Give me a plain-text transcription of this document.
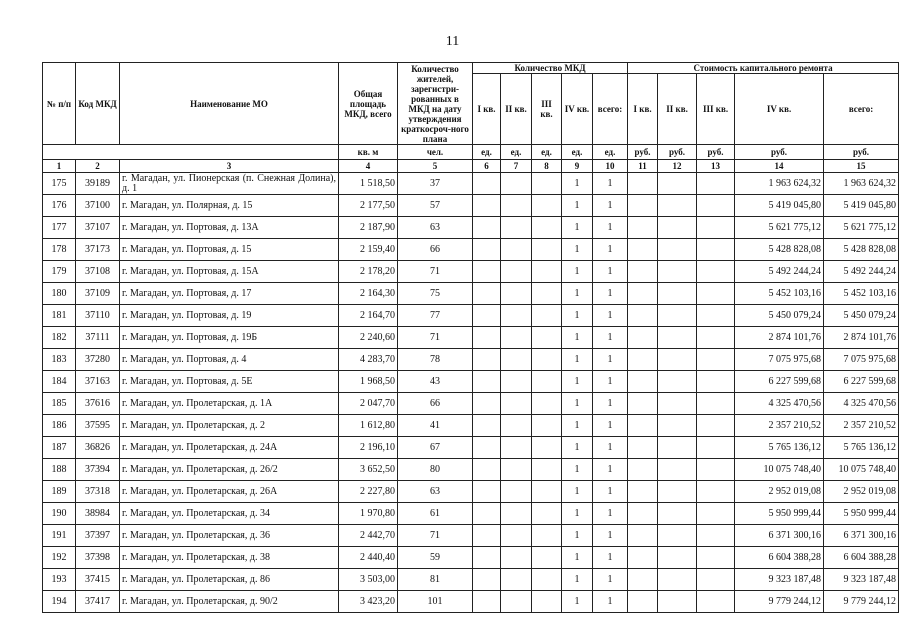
11
№ п/п	Код МКД	Наименование МО	Общая площадь МКД, всего	Количество жителей, зарегистри-рованных в МКД на дату утверждения краткосроч-ного плана	Количество МКД					Стоимость капитального ремонта				
					I кв.	II кв.	III кв.	IV кв.	всего:	I кв.	II кв.	III кв.	IV кв.	всего:
			кв. м	чел.	ед.	ед.	ед.	ед.	ед.	руб.	руб.	руб.	руб.	руб.
1	2	3	4	5	6	7	8	9	10	11	12	13	14	15
175	39189	г. Магадан, ул. Пионерская (п. Снежная Долина), д. 1	1 518,50	37				1	1				1 963 624,32	1 963 624,32
176	37100	г. Магадан, ул. Полярная, д. 15	2 177,50	57				1	1				5 419 045,80	5 419 045,80
177	37107	г. Магадан, ул. Портовая, д. 13А	2 187,90	63				1	1				5 621 775,12	5 621 775,12
178	37173	г. Магадан, ул. Портовая, д. 15	2 159,40	66				1	1				5 428 828,08	5 428 828,08
179	37108	г. Магадан, ул. Портовая, д. 15А	2 178,20	71				1	1				5 492 244,24	5 492 244,24
180	37109	г. Магадан, ул. Портовая, д. 17	2 164,30	75				1	1				5 452 103,16	5 452 103,16
181	37110	г. Магадан, ул. Портовая, д. 19	2 164,70	77				1	1				5 450 079,24	5 450 079,24
182	37111	г. Магадан, ул. Портовая, д. 19Б	2 240,60	71				1	1				2 874 101,76	2 874 101,76
183	37280	г. Магадан, ул. Портовая, д. 4	4 283,70	78				1	1				7 075 975,68	7 075 975,68
184	37163	г. Магадан, ул. Портовая, д. 5Е	1 968,50	43				1	1				6 227 599,68	6 227 599,68
185	37616	г. Магадан, ул. Пролетарская, д. 1А	2 047,70	66				1	1				4 325 470,56	4 325 470,56
186	37595	г. Магадан, ул. Пролетарская, д. 2	1 612,80	41				1	1				2 357 210,52	2 357 210,52
187	36826	г. Магадан, ул. Пролетарская, д. 24А	2 196,10	67				1	1				5 765 136,12	5 765 136,12
188	37394	г. Магадан, ул. Пролетарская, д. 26/2	3 652,50	80				1	1				10 075 748,40	10 075 748,40
189	37318	г. Магадан, ул. Пролетарская, д. 26А	2 227,80	63				1	1				2 952 019,08	2 952 019,08
190	38984	г. Магадан, ул. Пролетарская, д. 34	1 970,80	61				1	1				5 950 999,44	5 950 999,44
191	37397	г. Магадан, ул. Пролетарская, д. 36	2 442,70	71				1	1				6 371 300,16	6 371 300,16
192	37398	г. Магадан, ул. Пролетарская, д. 38	2 440,40	59				1	1				6 604 388,28	6 604 388,28
193	37415	г. Магадан, ул. Пролетарская, д. 86	3 503,00	81				1	1				9 323 187,48	9 323 187,48
194	37417	г. Магадан, ул. Пролетарская, д. 90/2	3 423,20	101				1	1				9 779 244,12	9 779 244,12
